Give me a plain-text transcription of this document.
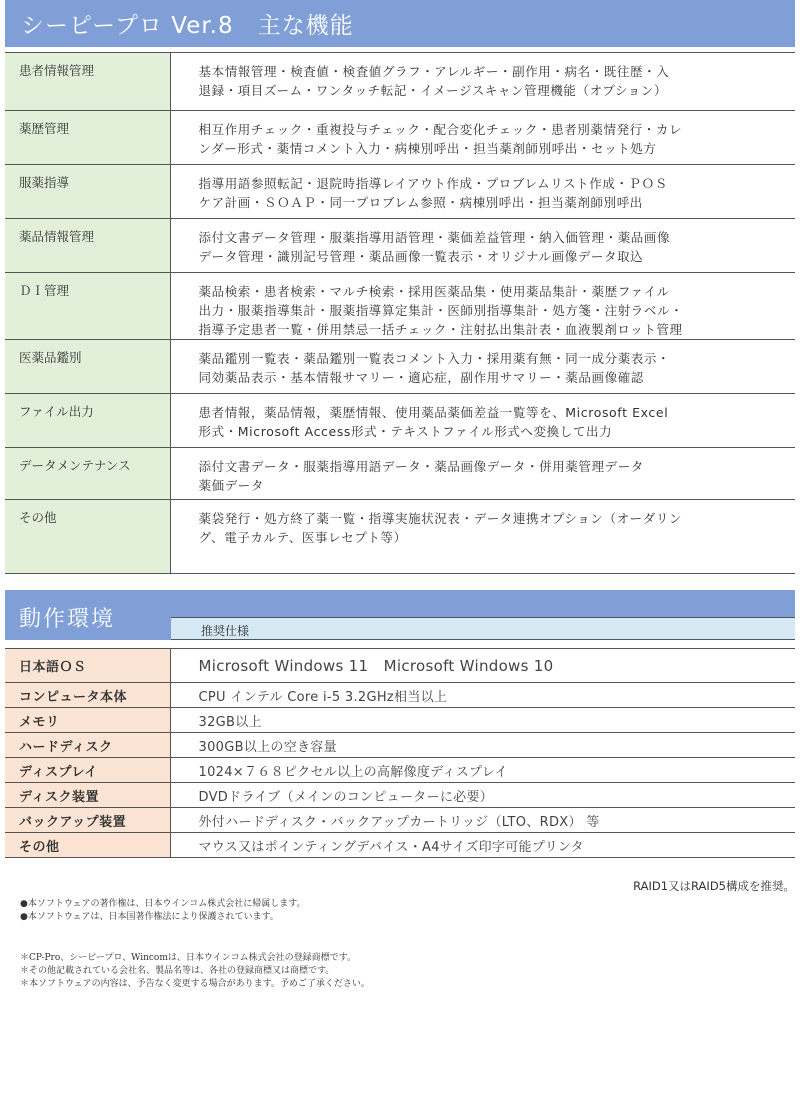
シーピープロ Ver.8　主な機能
患者情報管理	基本情報管理・検査値・検査値グラフ・アレルギー・副作用・病名・既往歴・入
退録・項目ズーム・ワンタッチ転記・イメージスキャン管理機能（オプション）

薬歴管理	相互作用チェック・重複投与チェック・配合変化チェック・患者別薬情発行・カレ
ンダー形式・薬情コメント入力・病棟別呼出・担当薬剤師別呼出・セット処方

服薬指導	指導用語参照転記・退院時指導レイアウト作成・プロブレムリスト作成・ＰＯＳ
ケア計画・ＳＯＡＰ・同一プロブレム参照・病棟別呼出・担当薬剤師別呼出

薬品情報管理	添付文書データ管理・服薬指導用語管理・薬価差益管理・納入価管理・薬品画像
データ管理・識別記号管理・薬品画像一覧表示・オリジナル画像データ取込

ＤＩ管理	薬品検索・患者検索・マルチ検索・採用医薬品集・使用薬品集計・薬歴ファイル
出力・服薬指導集計・服薬指導算定集計・医師別指導集計・処方箋・注射ラベル・
指導予定患者一覧・併用禁忌一括チェック・注射払出集計表・血液製剤ロット管理

医薬品鑑別	薬品鑑別一覧表・薬品鑑別一覧表コメント入力・採用薬有無・同一成分薬表示・
同効薬品表示・基本情報サマリー・適応症，副作用サマリー・薬品画像確認

ファイル出力	患者情報，薬品情報，薬歴情報、使用薬品薬価差益一覧等を、Microsoft Excel
形式・Microsoft Access形式・テキストファイル形式へ変換して出力

データメンテナンス	添付文書データ・服薬指導用語データ・薬品画像データ・併用薬管理データ
薬価データ

その他	薬袋発行・処方終了薬一覧・指導実施状況表・データ連携オプション（オーダリン
グ、電子カルテ、医事レセプト等）
動作環境	推奨仕様
日本語ＯＳ	Microsoft Windows 11　Microsoft Windows 10
コンピュータ本体	CPU インテル Core i-5 3.2GHz相当以上
メモリ	32GB以上
ハードディスク	300GB以上の空き容量
ディスプレイ	1024×７６８ピクセル以上の高解像度ディスプレイ
ディスク装置	DVDドライブ（メインのコンピューターに必要）
バックアップ装置	外付ハードディスク・バックアップカートリッジ（LTO、RDX） 等
その他	マウス又はポインティングデバイス・A4サイズ印字可能プリンタ
RAID1又はRAID5構成を推奨。
●本ソフトウェアの著作権は、日本ウインコム株式会社に帰属します。
●本ソフトウェアは、日本国著作権法により保護されています。
＊CP-Pro、シーピープロ、Wincomは、日本ウインコム株式会社の登録商標です。
＊その他記載されている会社名、製品名等は、各社の登録商標又は商標です。
＊本ソフトウェアの内容は、予告なく変更する場合があります。予めご了承ください。
